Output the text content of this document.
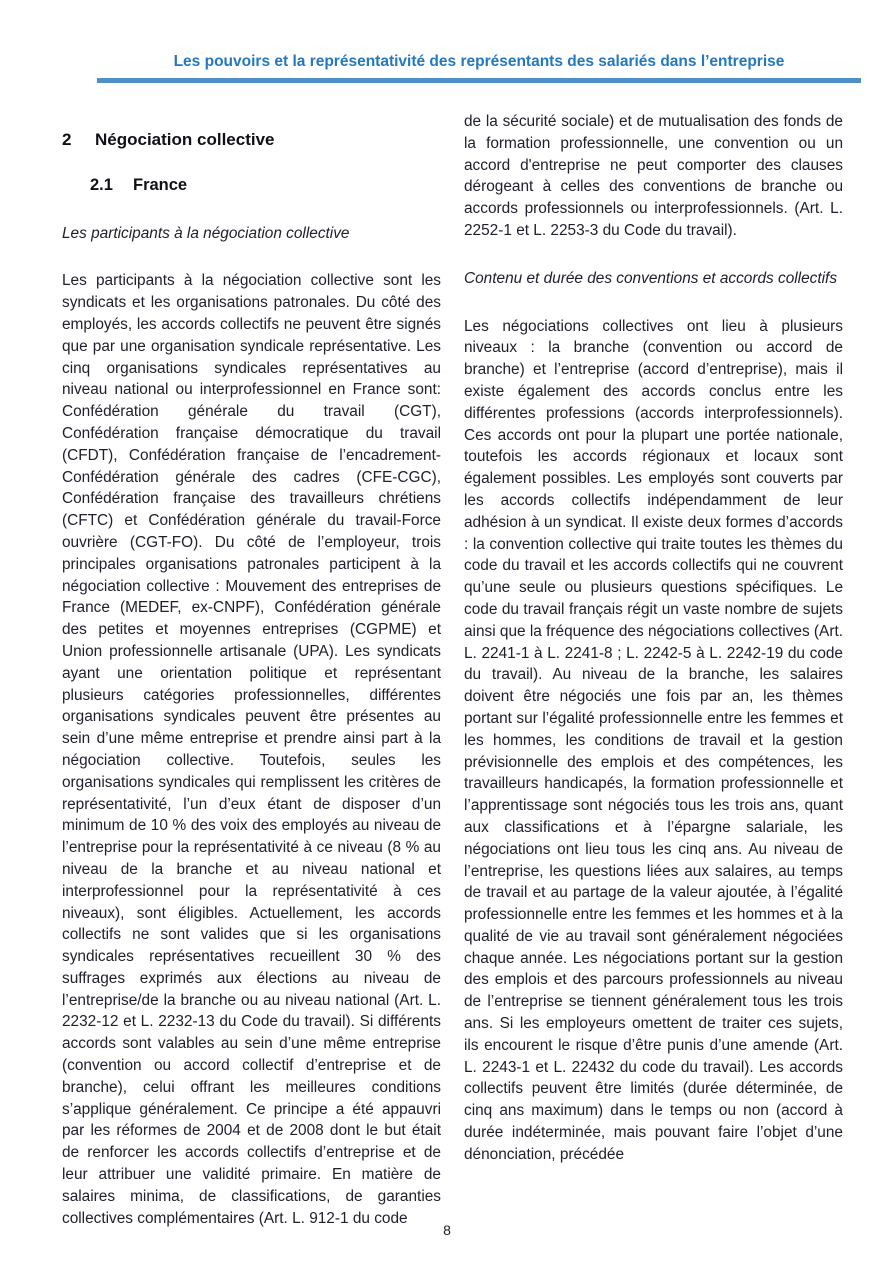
Les pouvoirs et la représentativité des représentants des salariés dans l’entreprise
2 Négociation collective
2.1 France
Les participants à la négociation collective
Les participants à la négociation collective sont les syndicats et les organisations patronales. Du côté des employés, les accords collectifs ne peuvent être signés que par une organisation syndicale représentative. Les cinq organisations syndicales représentatives au niveau national ou interprofessionnel en France sont: Confédération générale du travail (CGT), Confédération française démocratique du travail (CFDT), Confédération française de l’encadrement-Confédération générale des cadres (CFE-CGC), Confédération française des travailleurs chrétiens (CFTC) et Confédération générale du travail-Force ouvrière (CGT-FO). Du côté de l’employeur, trois principales organisations patronales participent à la négociation collective : Mouvement des entreprises de France (MEDEF, ex-CNPF), Confédération générale des petites et moyennes entreprises (CGPME) et Union professionnelle artisanale (UPA). Les syndicats ayant une orientation politique et représentant plusieurs catégories professionnelles, différentes organisations syndicales peuvent être présentes au sein d’une même entreprise et prendre ainsi part à la négociation collective. Toutefois, seules les organisations syndicales qui remplissent les critères de représentativité, l’un d’eux étant de disposer d’un minimum de 10 % des voix des employés au niveau de l’entreprise pour la représentativité à ce niveau (8 % au niveau de la branche et au niveau national et interprofessionnel pour la représentativité à ces niveaux), sont éligibles. Actuellement, les accords collectifs ne sont valides que si les organisations syndicales représentatives recueillent 30 % des suffrages exprimés aux élections au niveau de l’entreprise/de la branche ou au niveau national (Art. L. 2232-12 et L. 2232-13 du Code du travail). Si différents accords sont valables au sein d’une même entreprise (convention ou accord collectif d’entreprise et de branche), celui offrant les meilleures conditions s’applique généralement. Ce principe a été appauvri par les réformes de 2004 et de 2008 dont le but était de renforcer les accords collectifs d’entreprise et de leur attribuer une validité primaire. En matière de salaires minima, de classifications, de garanties collectives complémentaires (Art. L. 912-1 du code
de la sécurité sociale) et de mutualisation des fonds de la formation professionnelle, une convention ou un accord d'entreprise ne peut comporter des clauses dérogeant à celles des conventions de branche ou accords professionnels ou interprofessionnels. (Art. L. 2252-1 et L. 2253-3 du Code du travail).
Contenu et durée des conventions et accords collectifs
Les négociations collectives ont lieu à plusieurs niveaux : la branche (convention ou accord de branche) et l’entreprise (accord d’entreprise), mais il existe également des accords conclus entre les différentes professions (accords interprofessionnels). Ces accords ont pour la plupart une portée nationale, toutefois les accords régionaux et locaux sont également possibles. Les employés sont couverts par les accords collectifs indépendamment de leur adhésion à un syndicat. Il existe deux formes d’accords : la convention collective qui traite toutes les thèmes du code du travail et les accords collectifs qui ne couvrent qu’une seule ou plusieurs questions spécifiques. Le code du travail français régit un vaste nombre de sujets ainsi que la fréquence des négociations collectives (Art. L. 2241-1 à L. 2241-8 ; L. 2242-5 à L. 2242-19 du code du travail). Au niveau de la branche, les salaires doivent être négociés une fois par an, les thèmes portant sur l’égalité professionnelle entre les femmes et les hommes, les conditions de travail et la gestion prévisionnelle des emplois et des compétences, les travailleurs handicapés, la formation professionnelle et l’apprentissage sont négociés tous les trois ans, quant aux classifications et à l’épargne salariale, les négociations ont lieu tous les cinq ans. Au niveau de l’entreprise, les questions liées aux salaires, au temps de travail et au partage de la valeur ajoutée, à l’égalité professionnelle entre les femmes et les hommes et à la qualité de vie au travail sont généralement négociées chaque année. Les négociations portant sur la gestion des emplois et des parcours professionnels au niveau de l’entreprise se tiennent généralement tous les trois ans. Si les employeurs omettent de traiter ces sujets, ils encourent le risque d’être punis d’une amende (Art. L. 2243-1 et L. 22432 du code du travail). Les accords collectifs peuvent être limités (durée déterminée, de cinq ans maximum) dans le temps ou non (accord à durée indéterminée, mais pouvant faire l’objet d’une dénonciation, précédée
8
